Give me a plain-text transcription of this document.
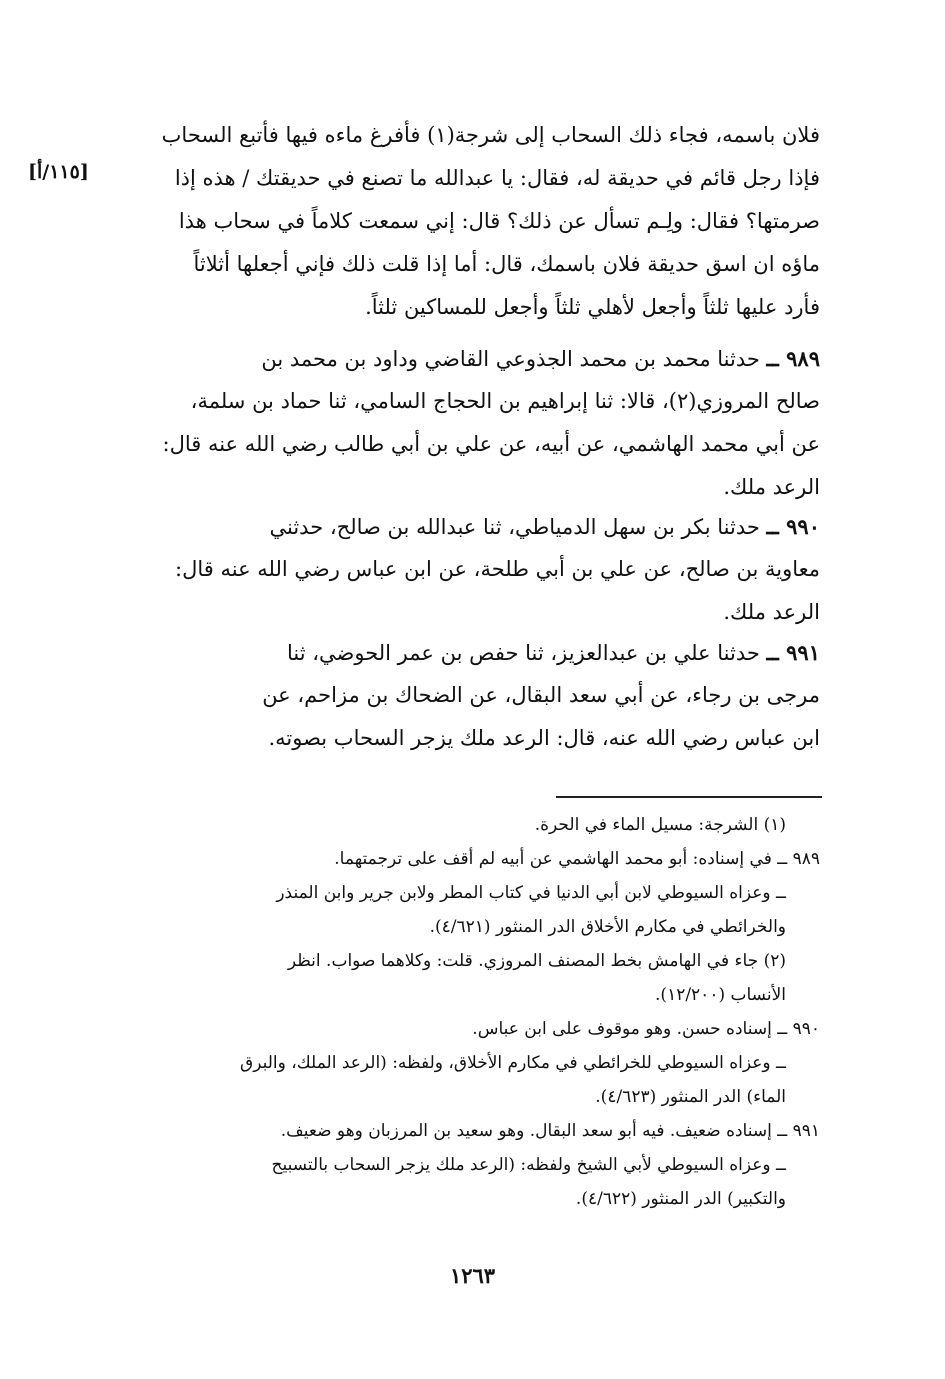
[١١٥/أ]
فلان باسمه، فجاء ذلك السحاب إلى شرجة(١) فأفرغ ماءه فيها فأتبع السحاب
فإذا رجل قائم في حديقة له، فقال: يا عبدالله ما تصنع في حديقتك / هذه إذا
صرمتها؟ فقال: ولِـم تسأل عن ذلك؟ قال: إني سمعت كلاماً في سحاب هذا
ماؤه ان اسق حديقة فلان باسمك، قال: أما إذا قلت ذلك فإني أجعلها أثلاثاً
فأرد عليها ثلثاً وأجعل لأهلي ثلثاً وأجعل للمساكين ثلثاً.
٩٨٩ ــ حدثنا محمد بن محمد الجذوعي القاضي وداود بن محمد بن
صالح المروزي(٢)، قالا: ثنا إبراهيم بن الحجاج السامي، ثنا حماد بن سلمة،
عن أبي محمد الهاشمي، عن أبيه، عن علي بن أبي طالب رضي الله عنه قال:
الرعد ملك.
٩٩٠ ــ حدثنا بكر بن سهل الدمياطي، ثنا عبدالله بن صالح، حدثني
معاوية بن صالح، عن علي بن أبي طلحة، عن ابن عباس رضي الله عنه قال:
الرعد ملك.
٩٩١ ــ حدثنا علي بن عبدالعزيز، ثنا حفص بن عمر الحوضي، ثنا
مرجى بن رجاء، عن أبي سعد البقال، عن الضحاك بن مزاحم، عن
ابن عباس رضي الله عنه، قال: الرعد ملك يزجر السحاب بصوته.
(١) الشرجة: مسيل الماء في الحرة.
٩٨٩ ــ في إسناده: أبو محمد الهاشمي عن أبيه لم أقف على ترجمتهما.
ــ وعزاه السيوطي لابن أبي الدنيا في كتاب المطر ولابن جرير وابن المنذر
والخرائطي في مكارم الأخلاق الدر المنثور (٤/٦٢١).
(٢) جاء في الهامش بخط المصنف المروزي. قلت: وكلاهما صواب. انظر
الأنساب (١٢/٢٠٠).
٩٩٠ ــ إسناده حسن. وهو موقوف على ابن عباس.
ــ وعزاه السيوطي للخرائطي في مكارم الأخلاق، ولفظه: (الرعد الملك، والبرق
الماء) الدر المنثور (٤/٦٢٣).
٩٩١ ــ إسناده ضعيف. فيه أبو سعد البقال. وهو سعيد بن المرزبان وهو ضعيف.
ــ وعزاه السيوطي لأبي الشيخ ولفظه: (الرعد ملك يزجر السحاب بالتسبيح
والتكبير) الدر المنثور (٤/٦٢٢).
١٢٦٣
